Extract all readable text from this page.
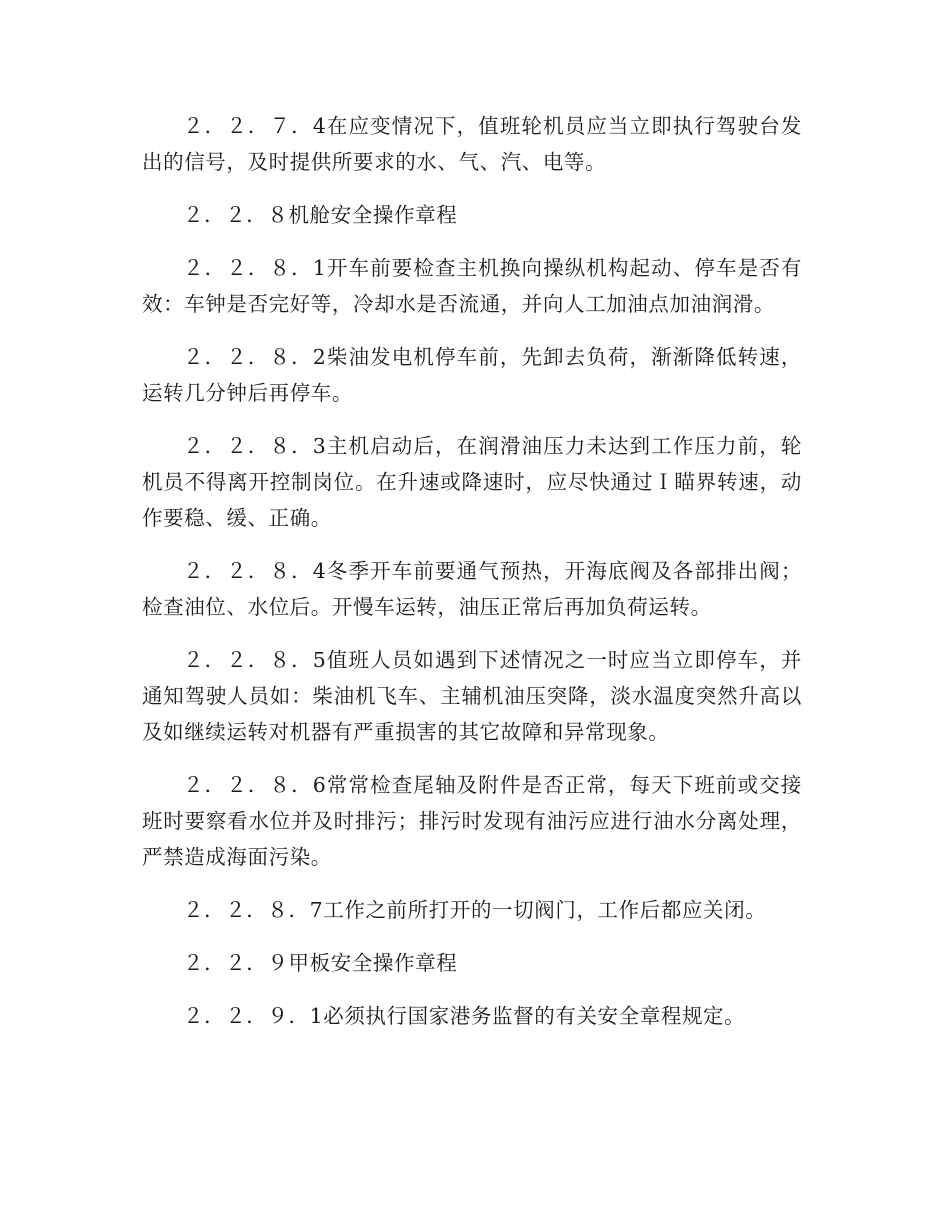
２．２．７．4在应变情况下，值班轮机员应当立即执行驾驶台发出的信号，及时提供所要求的水、气、汽、电等。

２．２．８机舱安全操作章程

２．２．８．1开车前要检查主机换向操纵机构起动、停车是否有效：车钟是否完好等，冷却水是否流通，并向人工加油点加油润滑。

２．２．８．2柴油发电机停车前，先卸去负荷，渐渐降低转速，运转几分钟后再停车。

２．２．８．3主机启动后，在润滑油压力未达到工作压力前，轮机员不得离开控制岗位。在升速或降速时，应尽快通过Ｉ瞄界转速，动作要稳、缓、正确。

２．２．８．4冬季开车前要通气预热，开海底阀及各部排出阀；检查油位、水位后。开慢车运转，油压正常后再加负荷运转。

２．２．８．5值班人员如遇到下述情况之一时应当立即停车，并通知驾驶人员如：柴油机飞车、主辅机油压突降，淡水温度突然升高以及如继续运转对机器有严重损害的其它故障和异常现象。

２．２．８．6常常检查尾轴及附件是否正常，每天下班前或交接班时要察看水位并及时排污；排污时发现有油污应进行油水分离处理，严禁造成海面污染。

２．２．８．7工作之前所打开的一切阀门，工作后都应关闭。

２．２．９甲板安全操作章程

２．２．９．1必须执行国家港务监督的有关安全章程规定。
